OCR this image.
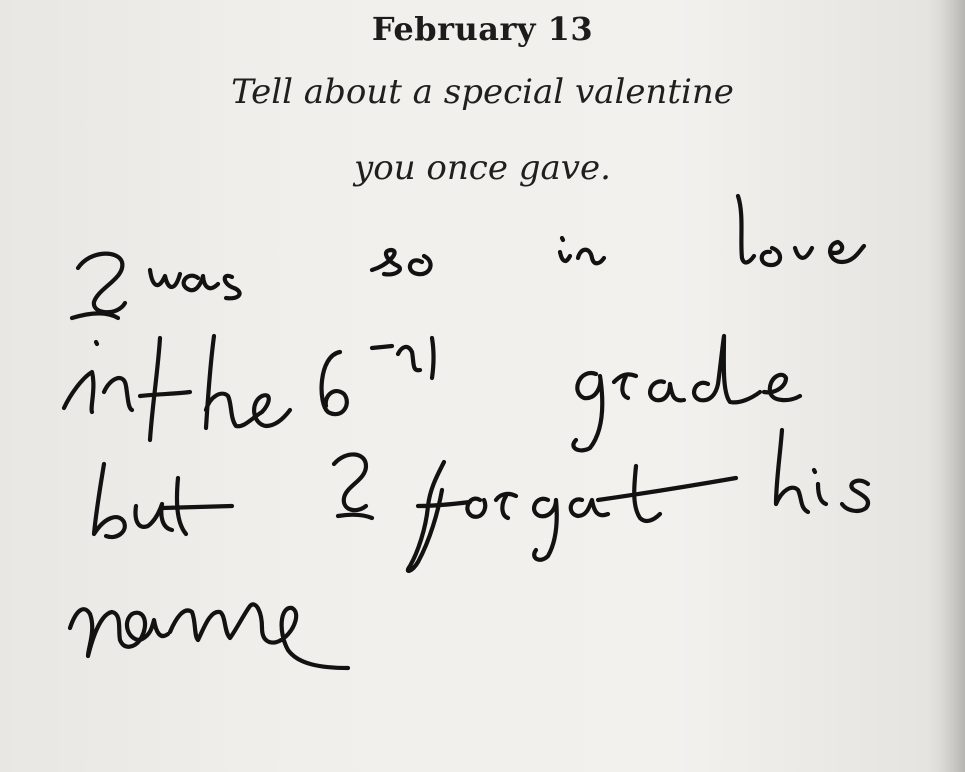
February 13
Tell about a special valentine
you once gave.
